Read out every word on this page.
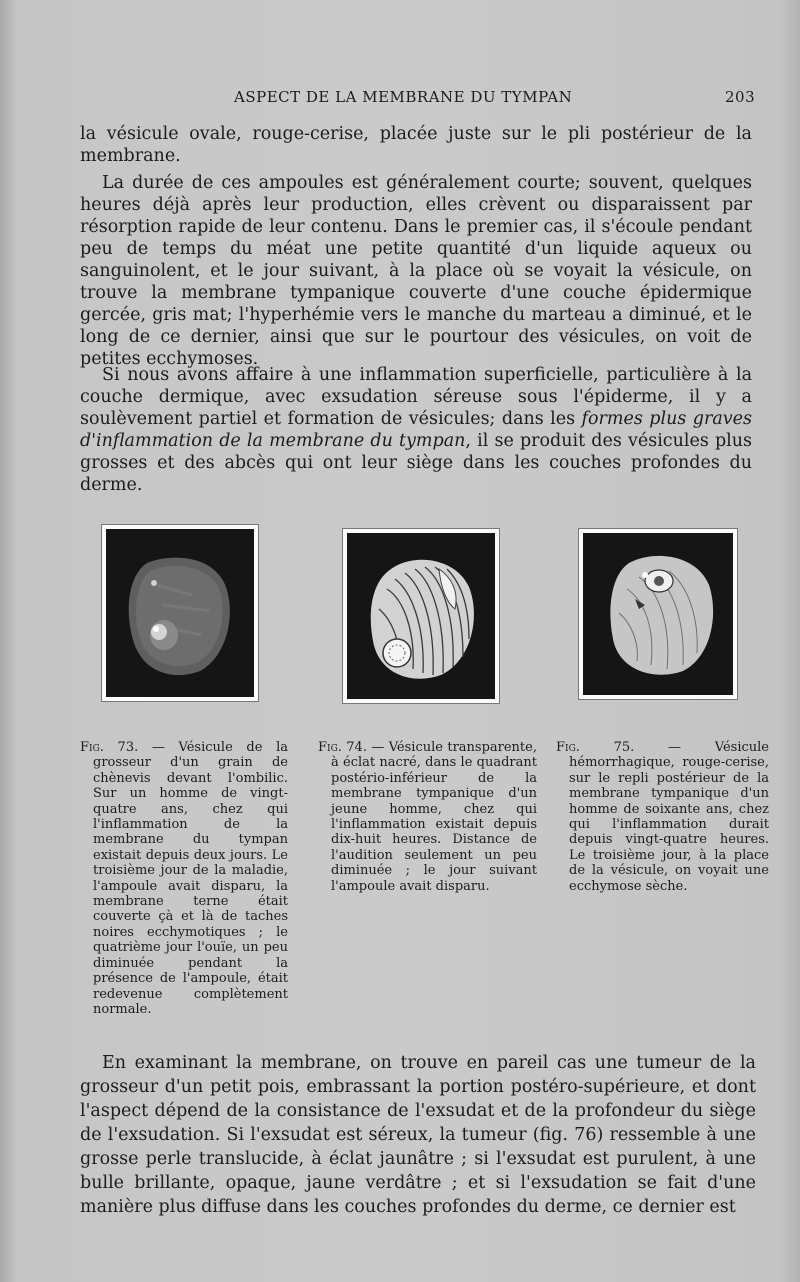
ASPECT DE LA MEMBRANE DU TYMPAN	203

la vésicule ovale, rouge-cerise, placée juste sur le pli postérieur de la membrane.

La durée de ces ampoules est généralement courte; souvent, quelques heures déjà après leur production, elles crèvent ou disparaissent par résorption rapide de leur contenu. Dans le premier cas, il s'écoule pendant peu de temps du méat une petite quantité d'un liquide aqueux ou sanguinolent, et le jour suivant, à la place où se voyait la vésicule, on trouve la membrane tympanique couverte d'une couche épidermique gercée, gris mat; l'hyperhémie vers le manche du marteau a diminué, et le long de ce dernier, ainsi que sur le pourtour des vésicules, on voit de petites ecchymoses.

Si nous avons affaire à une inflammation superficielle, particulière à la couche dermique, avec exsudation séreuse sous l'épiderme, il y a soulèvement partiel et formation de vésicules; dans les formes plus graves d'inflammation de la membrane du tympan, il se produit des vésicules plus grosses et des abcès qui ont leur siège dans les couches profondes du derme.

Fig. 73. — Vésicule de la grosseur d'un grain de chènevis devant l'ombilic. Sur un homme de vingt-quatre ans, chez qui l'inflammation de la membrane du tympan existait depuis deux jours. Le troisième jour de la maladie, l'ampoule avait disparu, la membrane terne était couverte çà et là de taches noires ecchymotiques ; le quatrième jour l'ouïe, un peu diminuée pendant la présence de l'ampoule, était redevenue complètement normale.

Fig. 74. — Vésicule transparente, à éclat nacré, dans le quadrant postério-inférieur de la membrane tympanique d'un jeune homme, chez qui l'inflammation existait depuis dix-huit heures. Distance de l'audition seulement un peu diminuée ; le jour suivant l'ampoule avait disparu.

Fig. 75. — Vésicule hémorrhagique, rouge-cerise, sur le repli postérieur de la membrane tympanique d'un homme de soixante ans, chez qui l'inflammation durait depuis vingt-quatre heures. Le troisième jour, à la place de la vésicule, on voyait une ecchymose sèche.

En examinant la membrane, on trouve en pareil cas une tumeur de la grosseur d'un petit pois, embrassant la portion postéro-supérieure, et dont l'aspect dépend de la consistance de l'exsudat et de la profondeur du siège de l'exsudation. Si l'exsudat est séreux, la tumeur (fig. 76) ressemble à une grosse perle translucide, à éclat jaunâtre ; si l'exsudat est purulent, à une bulle brillante, opaque, jaune verdâtre ; et si l'exsudation se fait d'une manière plus diffuse dans les couches profondes du derme, ce dernier est
